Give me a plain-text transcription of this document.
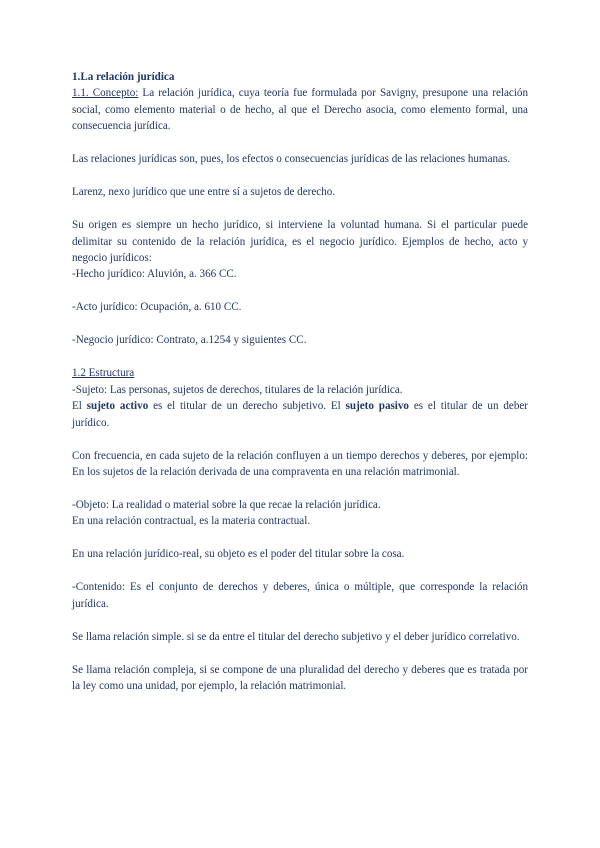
1.La relación jurídica

1.1. Concepto: La relación jurídica, cuya teoría fue formulada por Savigny, presupone una relación social, como elemento material o de hecho, al que el Derecho asocia, como elemento formal, una consecuencia jurídica.

Las relaciones jurídicas son, pues, los efectos o consecuencias jurídicas de las relaciones humanas.

Larenz, nexo jurídico que une entre sí a sujetos de derecho.

Su origen es siempre un hecho jurídico, si interviene la voluntad humana. Si el particular puede delimitar su contenido de la relación jurídica, es el negocio jurídico. Ejemplos de hecho, acto y negocio jurídicos:

-Hecho jurídico: Aluvión, a. 366 CC.

-Acto jurídico: Ocupación, a. 610 CC.

-Negocio jurídico: Contrato, a.1254 y siguientes CC.

1.2 Estructura

-Sujeto: Las personas, sujetos de derechos, titulares de la relación jurídica.

El sujeto activo es el titular de un derecho subjetivo. El sujeto pasivo es el titular de un deber jurídico.

Con frecuencia, en cada sujeto de la relación confluyen a un tiempo derechos y deberes, por ejemplo: En los sujetos de la relación derivada de una compraventa en una relación matrimonial.

-Objeto: La realidad o material sobre la que recae la relación jurídica.

En una relación contractual, es la materia contractual.

En una relación jurídico-real, su objeto es el poder del titular sobre la cosa.

-Contenido: Es el conjunto de derechos y deberes, única o múltiple, que corresponde la relación jurídica.

Se llama relación simple. si se da entre el titular del derecho subjetivo y el deber jurídico correlativo.

Se llama relación compleja, si se compone de una pluralidad del derecho y deberes que es tratada por la ley como una unidad, por ejemplo, la relación matrimonial.
